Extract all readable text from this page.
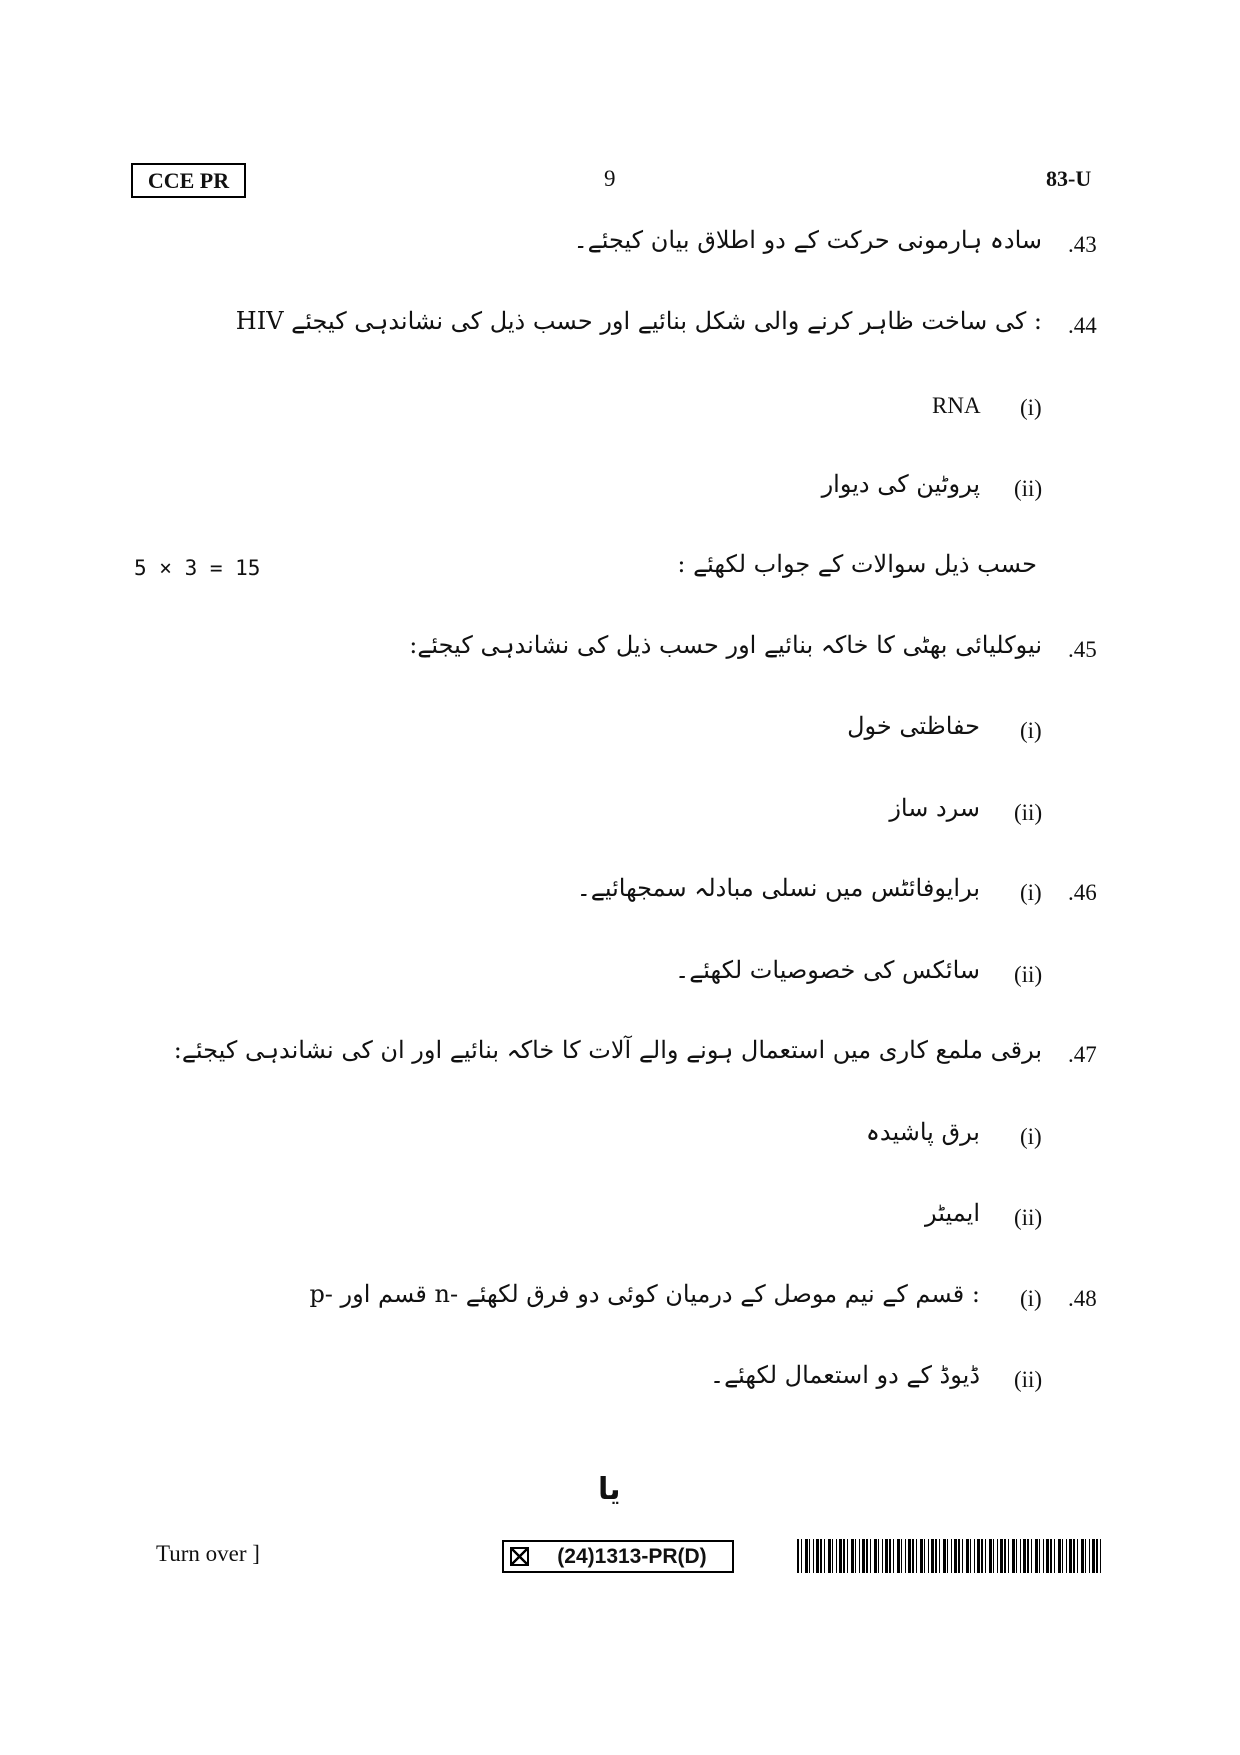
CCE PR	9	83-U
.43
سادہ ہارمونی حرکت کے دو اطلاق بیان کیجئے۔
.44
HIV کی ساخت ظاہر کرنے والی شکل بنائیے اور حسب ذیل کی نشاندہی کیجئے :
(i)
RNA
(ii)
پروٹین کی دیوار
5 × 3 = 15	حسب ذیل سوالات کے جواب لکھئے :
.45
نیوکلیائی بھٹی کا خاکہ بنائیے اور حسب ذیل کی نشاندہی کیجئے:
(i)
حفاظتی خول
(ii)
سرد ساز
.46
(i)
برایوفائٹس میں نسلی مبادلہ سمجھائیے۔
(ii)
سائکس کی خصوصیات لکھئے۔
.47
برقی ملمع کاری میں استعمال ہونے والے آلات کا خاکہ بنائیے اور ان کی نشاندہی کیجئے:
(i)
برق پاشیدہ
(ii)
ایمیٹر
.48
(i)
p- قسم اور n- قسم کے نیم موصل کے درمیان کوئی دو فرق لکھئے :
(ii)
ڈیوڈ کے دو استعمال لکھئے۔
یا
Turn over ]	(24)1313-PR(D)
